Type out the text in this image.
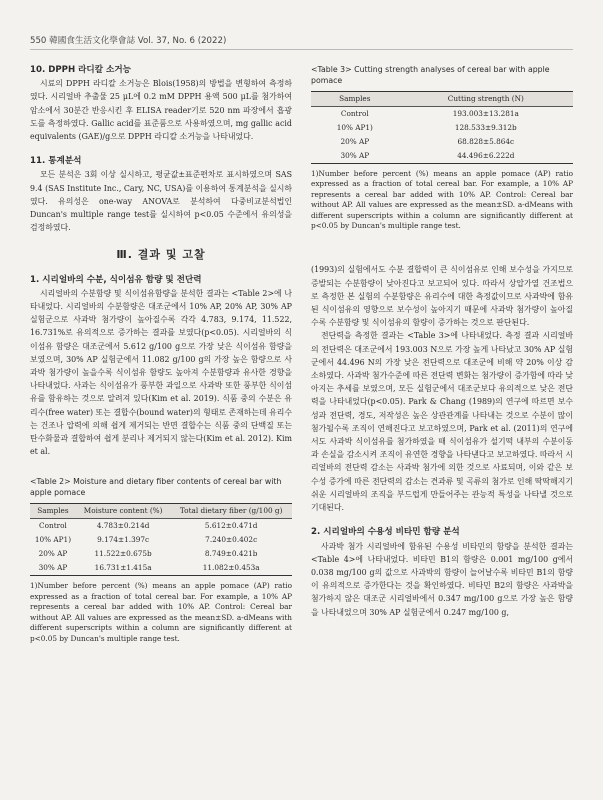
550 韓國食生活文化學會誌 Vol. 37, No. 6 (2022)

10. DPPH 라디칼 소거능

시료의 DPPH 라디칼 소거능은 Blois(1958)의 방법을 변형하여 측정하였다. 시리얼바 추출물 25 μL에 0.2 mM DPPH 용액 500 μL를 첨가하여 암소에서 30분간 반응시킨 후 ELISA reader기로 520 nm 파장에서 흡광도를 측정하였다. Gallic acid를 표준품으로 사용하였으며, mg gallic acid equivalents (GAE)/g으로 DPPH 라디칼 소거능을 나타내었다.

11. 통계분석

모든 분석은 3회 이상 실시하고, 평균값±표준편차로 표시하였으며 SAS 9.4 (SAS Institute Inc., Cary, NC, USA)를 이용하여 통계분석을 실시하였다. 유의성은 one-way ANOVA로 분석하여 다중비교분석법인 Duncan's multiple range test를 실시하여 p<0.05 수준에서 유의성을 검정하였다.

Ⅲ. 결과 및 고찰

1. 시리얼바의 수분, 식이섬유 함량 및 전단력

시리얼바의 수분함량 및 식이섬유함량을 분석한 결과는 <Table 2>에 나타내었다. 시리얼바의 수분함량은 대조군에서 10% AP, 20% AP, 30% AP 실험군으로 사과박 첨가량이 높아질수록 각각 4.783, 9.174, 11.522, 16.731%로 유의적으로 증가하는 결과를 보였다(p<0.05). 시리얼바의 식이섬유 함량은 대조군에서 5.612 g/100 g으로 가장 낮은 식이섬유 함량을 보였으며, 30% AP 실험군에서 11.082 g/100 g의 가장 높은 함량으로 사과박 첨가량이 높을수록 식이섬유 함량도 높아져 수분함량과 유사한 경향을 나타내었다. 사과는 식이섬유가 풍부한 과일으로 사과박 또한 풍부한 식이섬유를 함유하는 것으로 알려져 있다(Kim et al. 2019). 식품 중의 수분은 유리수(free water) 또는 결합수(bound water)의 형태로 존재하는데 유리수는 건조나 압력에 의해 쉽게 제거되는 반면 결합수는 식품 중의 단백질 또는 탄수화물과 결합하여 쉽게 분리나 제거되지 않는다(Kim et al. 2012). Kim et al.

<Table 2> Moisture and dietary fiber contents of cereal bar with apple pomace

Samples	Moisture content (%)	Total dietary fiber (g/100 g)
Control	4.783±0.214d	5.612±0.471d
10% AP1)	9.174±1.397c	7.240±0.402c
20% AP	11.522±0.675b	8.749±0.421b
30% AP	16.731±1.415a	11.082±0.453a

1)Number before percent (%) means an apple pomace (AP) ratio expressed as a fraction of total cereal bar. For example, a 10% AP represents a cereal bar added with 10% AP. Control: Cereal bar without AP. All values are expressed as the mean±SD. a-dMeans with different superscripts within a column are significantly different at p<0.05 by Duncan's multiple range test.

<Table 3> Cutting strength analyses of cereal bar with apple pomace

Samples	Cutting strength (N)
Control	193.003±13.281a
10% AP1)	128.533±9.312b
20% AP	68.828±5.864c
30% AP	44.496±6.222d

1)Number before percent (%) means an apple pomace (AP) ratio expressed as a fraction of total cereal bar. For example, a 10% AP represents a cereal bar added with 10% AP. Control: Cereal bar without AP. All values are expressed as the mean±SD. a-dMeans with different superscripts within a column are significantly different at p<0.05 by Duncan's multiple range test.

(1993)의 실험에서도 수분 결합력이 큰 식이섬유로 인해 보수성을 가지므로 증발되는 수분함량이 낮아진다고 보고되어 있다. 따라서 상압가열 건조법으로 측정한 본 실험의 수분함량은 유리수에 대한 측정값이므로 사과박에 함유된 식이섬유의 영향으로 보수성이 높아지기 때문에 사과박 첨가량이 높아질수록 수분함량 및 식이섬유의 함량이 증가하는 것으로 판단된다.

전단력을 측정한 결과는 <Table 3>에 나타내었다. 측정 결과 시리얼바의 전단력은 대조군에서 193.003 N으로 가장 높게 나타났고 30% AP 실험군에서 44.496 N의 가장 낮은 전단력으로 대조군에 비해 약 20% 이상 감소하였다. 사과박 첨가수준에 따른 전단력 변화는 첨가량이 증가함에 따라 낮아지는 추세를 보였으며, 모든 실험군에서 대조군보다 유의적으로 낮은 전단력을 나타내었다(p<0.05). Park & Chang (1989)의 연구에 따르면 보수성과 전단력, 경도, 저작성은 높은 상관관계를 나타내는 것으로 수분이 많이 첨가될수록 조직이 연해진다고 보고하였으며, Park et al. (2011)의 연구에서도 사과박 식이섬유를 첨가하였을 때 식이섬유가 설기떡 내부의 수분이동과 손실을 감소시켜 조직이 유연한 경향을 나타낸다고 보고하였다. 따라서 시리얼바의 전단력 감소는 사과박 첨가에 의한 것으로 사료되며, 이와 같은 보수성 증가에 따른 전단력의 감소는 견과류 및 곡류의 첨가로 인해 딱딱해지기 쉬운 시리얼바의 조직을 부드럽게 만들어주는 관능적 특성을 나타낼 것으로 기대된다.

2. 시리얼바의 수용성 비타민 함량 분석

사과박 첨가 시리얼바에 함유된 수용성 비타민의 함량을 분석한 결과는 <Table 4>에 나타내었다. 비타민 B1의 함량은 0.001 mg/100 g에서 0.038 mg/100 g의 값으로 사과박의 함량이 늘어날수록 비타민 B1의 함량이 유의적으로 증가한다는 것을 확인하였다. 비타민 B2의 함량은 사과박을 첨가하지 않은 대조군 시리얼바에서 0.347 mg/100 g으로 가장 높은 함량을 나타내었으며 30% AP 실험군에서 0.247 mg/100 g,
